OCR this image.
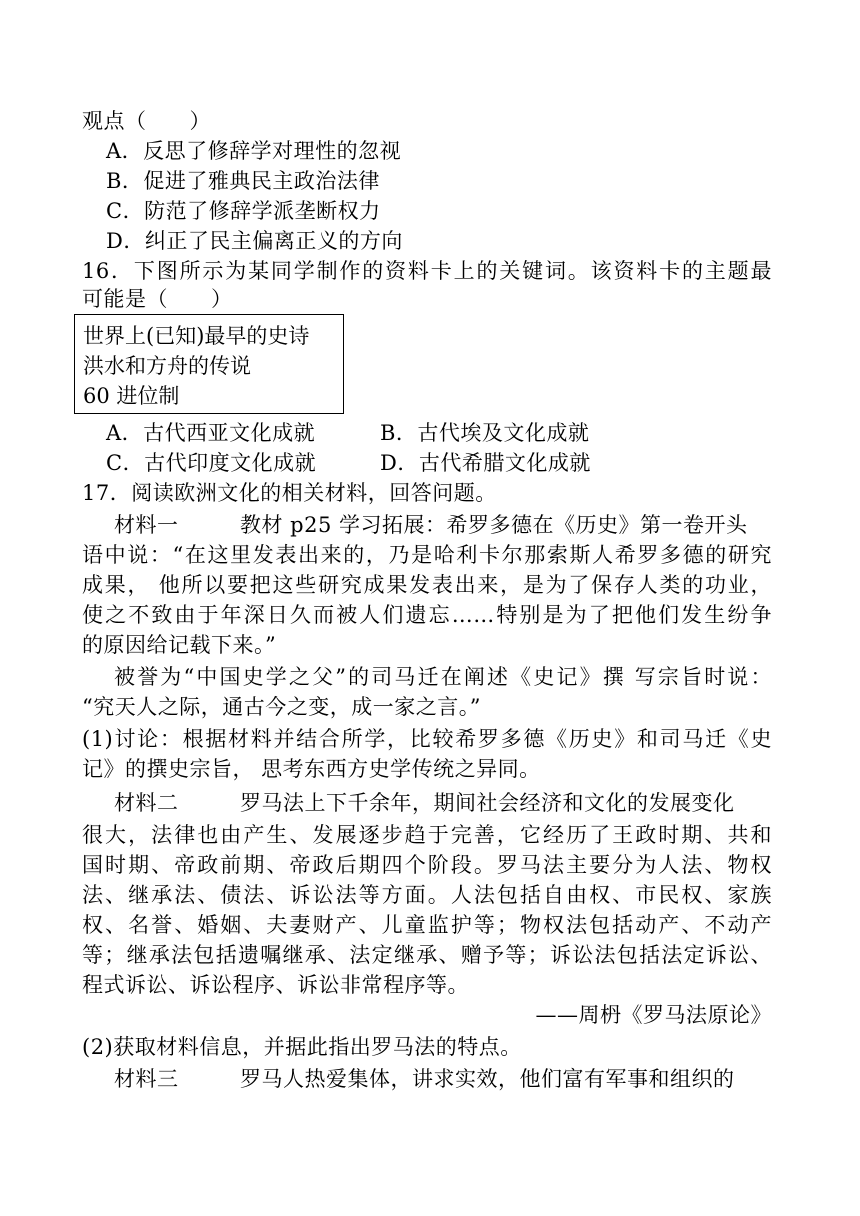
观点（　　）
A．反思了修辞学对理性的忽视
B．促进了雅典民主政治法律
C．防范了修辞学派垄断权力
D．纠正了民主偏离正义的方向
16．下图所示为某同学制作的资料卡上的关键词。该资料卡的主题最
可能是（　　）
世界上(已知)最早的史诗
洪水和方舟的传说
60 进位制
A．古代西亚文化成就	B．古代埃及文化成就
C．古代印度文化成就	D．古代希腊文化成就
17．阅读欧洲文化的相关材料，回答问题。
材料一	教材 p25 学习拓展：希罗多德在《历史》第一卷开头
语中说：“在这里发表出来的，乃是哈利卡尔那索斯人希罗多德的研究
成果， 他所以要把这些研究成果发表出来，是为了保存人类的功业，
使之不致由于年深日久而被人们遗忘……特别是为了把他们发生纷争
的原因给记载下来。”
被誉为“中国史学之父”的司马迁在阐述《史记》撰 写宗旨时说：
“究天人之际，通古今之变，成一家之言。”
(1)讨论：根据材料并结合所学，比较希罗多德《历史》和司马迁《史
记》的撰史宗旨， 思考东西方史学传统之异同。
材料二	罗马法上下千余年，期间社会经济和文化的发展变化
很大，法律也由产生、发展逐步趋于完善，它经历了王政时期、共和
国时期、帝政前期、帝政后期四个阶段。罗马法主要分为人法、物权
法、继承法、债法、诉讼法等方面。人法包括自由权、市民权、家族
权、名誉、婚姻、夫妻财产、儿童监护等；物权法包括动产、不动产
等；继承法包括遗嘱继承、法定继承、赠予等；诉讼法包括法定诉讼、
程式诉讼、诉讼程序、诉讼非常程序等。
——周枬《罗马法原论》
(2)获取材料信息，并据此指出罗马法的特点。
材料三	罗马人热爱集体，讲求实效，他们富有军事和组织的
